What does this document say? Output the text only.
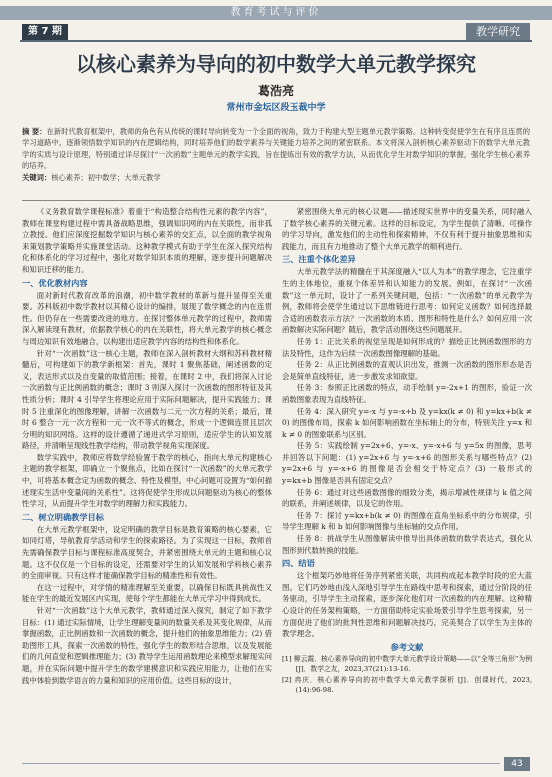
教育考试与评价
第 7 期	教学研究
以核心素养为导向的初中数学大单元教学探究
葛浩亮
常州市金坛区段玉裁中学
摘 要：在新时代教育框架中，教师的角色有从传统的课时导向转变为一个全面的视角，致力于构建大型主题单元教学策略。这种转变促使学生在有序且连贯的学习道路中，逐渐领悟数学知识的内在逻辑结构，同时培养他们的数学素养与关键能力培养之间的紧密联系。本文将深入剖析核心素养驱动下的数学大单元教学的实质与设计原理，特别通过详尽探讨“一次函数”主题单元的教学实践，旨在提炼出有效的教学方法，从而优化学生对数学知识的掌握，强化学生核心素养的培养。
关键词：核心素养；初中数学；大单元教学

《义务教育数学课程标准》着重于“构造整合结构性元素的教学内容”，教师在课堂构建过程中需具备战略思维，强调知识网的内在关联性，而非孤立教授。他们应深度挖掘数学知识与核心素养的交汇点，以全面的教学视角来策划教学策略并实施课堂活动。这种教学模式有助于学生在深入探究结构化和体系化的学习过程中，强化对数学知识本质的理解，逐步提升问题解决和知识迁移的能力。

一、优化教材内容

面对新时代教育改革的浪潮，初中数学教材的革新与提升显得至关重要。苏科版初中数学教材以其精心设计的编排，展现了数学概念的内在连贯性。但仍存在一些需要改进的地方。在探讨整体单元教学的过程中，教师需深入解读现有教材，依据教学核心的内在关联性，将大单元教学的核心概念与周边知识有效地融合，以构建出适应教学内容的结构性和体系化。

针对“一次函数”这一核心主题，教师在深入剖析教材大纲和苏科教材精髓后，可构建如下的教学新框架：首先，课时 1 聚焦基础，阐述函数的定义，表达形式以及自变量的取值范围；接着，在课时 2 中，我们将深入讨论一次函数与正比例函数的概念；课时 3 则深入探讨一次函数的图形特征及其性质分析；课时 4 引导学生将理论应用于实际问题解决，提升实践能力；课时 5 注重深化的图像理解，讲解一次函数与二元一次方程的关系；最后，课时 6 整合一元一次方程和一元一次不等式的概念，形成一个逻辑连贯且层次分明的知识网络。这样的设计遵循了递进式学习原则，适应学生的认知发展路径，并清晰呈现线性教学结构，带动教学视角实现深度。

数学实践中，教师应将数学经验置于教学的核心，指向大单元构建核心主题的教学框架，即确立一个聚焦点，比如在探讨“一次函数”的大单元教学中，可将基本概念定为函数的概念、特性及模型。中心问题可设置为“如何描述现实生活中变量间的关系性”。这将促使学生形成以问题驱动为核心的整体性学习，从而提升学生对数学的理解力和实践能力。

二、树立明确教学目标

在大单元教学框架中，设定明确的教学目标是教育策略的核心要素，它如同灯塔，导航教育学活动和学生的探索路径。为了实现这一目标，教师首先需确保教学目标与课程标准高度契合，并紧密围绕大单元的主题和核心议题。这不仅仅是一个目标的设定，还需要对学生的认知发展和学科核心素养的全面审视。只有这样才能确保教学目标的精准性和有效性。

在这一过程中，对学情的精准理解至关重要，以确保目标既具挑战性又能在学生的最近发展区内实现，使每个学生都能在大单元学习中得到成长。

针对“一次函数”这个大单元教学，教师通过深入探究，制定了如下教学目标：(1) 通过实际情境，让学生理解变量间的数量关系及其变化规律，从而掌握函数，正比例函数和一次函数的概念，提升他们的抽象思维能力；(2) 借助图形工具，探索一次函数的特性，强化学生的数形结合思维，以及发展能们的几何直觉和逻辑推理能力；(3) 教导学生运用函数理论来模型求解现实问题，并在实际问题中提升学生的数学建模意识和实践应用能力，让他们在实践中体验到数学语言的力量和知识的应用价值。这些目标的设计，

紧密围绕大单元的核心议题——描述现实世界中的变量关系，同时融入了数学核心素养的关键元素。这样的目标设定，为学生提供了清晰、可操作的学习导向，激发他们的主动性和探索精神，不仅有利于提升抽象思维和实践能力，而且有力地推动了整个大单元教学的顺利进行。

三、注重个体化差异

大单元教学法的精髓在于其深度融入“以人为本”的教学理念，它注重学生的主体地位，重视个体差异和认知能力的发展。例如，在探讨“一次函数”这一单元时，设计了一系列关键问题，包括：“一次函数”的单元教学为例，教师将会使学生通过以下思维链进行思考：如何定义函数？如何选择最合适的函数表示方法？一次函数的本质、图形和特性是什么？如何应用一次函数解决实际问题？随后，教学活动围绕这些问题展开。

任务 1：正比关系的视觉呈现是如何形成的？描绘正比例函数图形的方法及特性，这作为后续一次函数图像理解的基础。

任务 2：从正比例函数的直观认识出发，推测一次函数的图形形态是否会是简单直线特征，进一步激发求知欲望。

任务 3：参照正比函数的特点，动手绘制 y=-2x+1 的图形，验证一次函数图象表现为直线特征。

任务 4：深入研究 y=-x 与 y=-x+b 及 y=kx(k ≠ 0) 和 y=kx+b(k ≠ 0) 的图像布局，探索 k 如何影响函数在坐标轴上的分布，特别关注 y=x 和 k ≠ 0 的图象联系与区别。

任务 5：实践绘制 y=2x+6、y=-x、y=-x+6 与 y=5x 的图像，思考并回答以下问题：(1) y=2x+6 与 y=-x+6 的图形关系与哪些特点？(2) y=2x+6 与 y=-x+6 的图像是否会相交于特定点？(3) 一般形式的 y=kx+b 图像是否具有固定交点？

任务 6：通过对这些函数图像的细致分类，揭示增减性规律与 k 值之间的联系，并阐述规律，以及它的作用。

任务 7：探讨 y=kx+b(k ≠ 0) 的图像在直角坐标系中的分布规律，引导学生理解 k 和 b 如何影响图像与坐标轴的交点作用。

任务 8：挑战学生从图像解读中推导出具体函数的数学表达式，强化从图形到代数转换的技能。

四、结语

这个框架巧妙地将任务序列紧密关联，共同构成起本教学时段的宏大蓝图。它们巧妙地由浅入深地引导学生在路线中思考和探索，通过分阶段的任务驱动，引导学生主动探索，逐步深化他们对一次函数的内在理解。这种精心设计的任务架构策略，一方面借助特定实验场景引导学生思考探索，另一方面促进了他们的批判性思维和问题解决技巧，完美契合了以学生为主体的教学理念。

参考文献

[1] 柳云霞．核心素养导向的初中数学大单元教学设计策略——以“全等三角形”为例 [J]．数学之友，2023,37(21):13-16.

[2] 冉庆．核心素养导向的初中数学大单元教学探析 [J]．创课时代，2023,(14):96-98.

43
